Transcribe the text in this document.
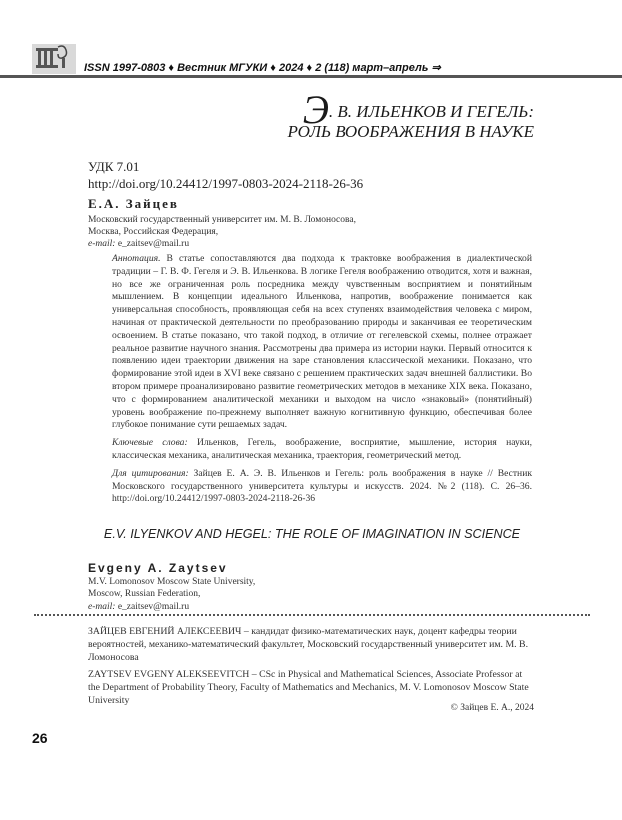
ISSN 1997-0803 ♦ Вестник МГУКИ ♦ 2024 ♦ 2 (118) март–апрель ⇒
Э. В. ИЛЬЕНКОВ И ГЕГЕЛЬ:
РОЛЬ ВООБРАЖЕНИЯ В НАУКЕ
УДК 7.01
http://doi.org/10.24412/1997-0803-2024-2118-26-36
Е.А. Зайцев
Московский государственный университет им. М. В. Ломоносова,
Москва, Российская Федерация,
e-mail: e_zaitsev@mail.ru

Аннотация. В статье сопоставляются два подхода к трактовке воображения в диалектической традиции – Г. В. Ф. Гегеля и Э. В. Ильенкова. В логике Гегеля воображению отводится, хотя и важная, но все же ограниченная роль посредника между чувственным восприятием и понятийным мышлением. В концепции идеального Ильенкова, напротив, воображение понимается как универсальная способность, проявляющая себя на всех ступенях взаимодействия человека с миром, начиная от практической деятельности по преобразованию природы и заканчивая ее теоретическим освоением. В статье показано, что такой подход, в отличие от гегелевской схемы, полнее отражает реальное развитие научного знания. Рассмотрены два примера из истории науки. Первый относится к появлению идеи траектории движения на заре становления классической механики. Показано, что формирование этой идеи в XVI веке связано с решением практических задач внешней баллистики. Во втором примере проанализировано развитие геометрических методов в механике XIX века. Показано, что с формированием аналитической механики и выходом на число «знаковый» (понятийный) уровень воображение по-прежнему выполняет важную когнитивную функцию, обеспечивая более глубокое понимание сути решаемых задач.

Ключевые слова: Ильенков, Гегель, воображение, восприятие, мышление, история науки, классическая механика, аналитическая механика, траектория, геометрический метод.

Для цитирования: Зайцев Е. А. Э. В. Ильенков и Гегель: роль воображения в науке // Вестник Московского государственного университета культуры и искусств. 2024. №2 (118). С. 26–36. http://doi.org/10.24412/1997-0803-2024-2118-26-36

E.V. ILYENKOV AND HEGEL: THE ROLE OF IMAGINATION IN SCIENCE
Evgeny A. Zaytsev
M.V. Lomonosov Moscow State University,
Moscow, Russian Federation,
e-mail: e_zaitsev@mail.ru

ЗАЙЦЕВ ЕВГЕНИЙ АЛЕКСЕЕВИЧ – кандидат физико-математических наук, доцент кафедры теории вероятностей, механико-математический факультет, Московский государственный университет им. М. В. Ломоносова

ZAYTSEV EVGENY ALEKSEEVITCH – CSc in Physical and Mathematical Sciences, Associate Professor at the Department of Probability Theory, Faculty of Mathematics and Mechanics, M. V. Lomonosov Moscow State University

© Зайцев Е. А., 2024
26
